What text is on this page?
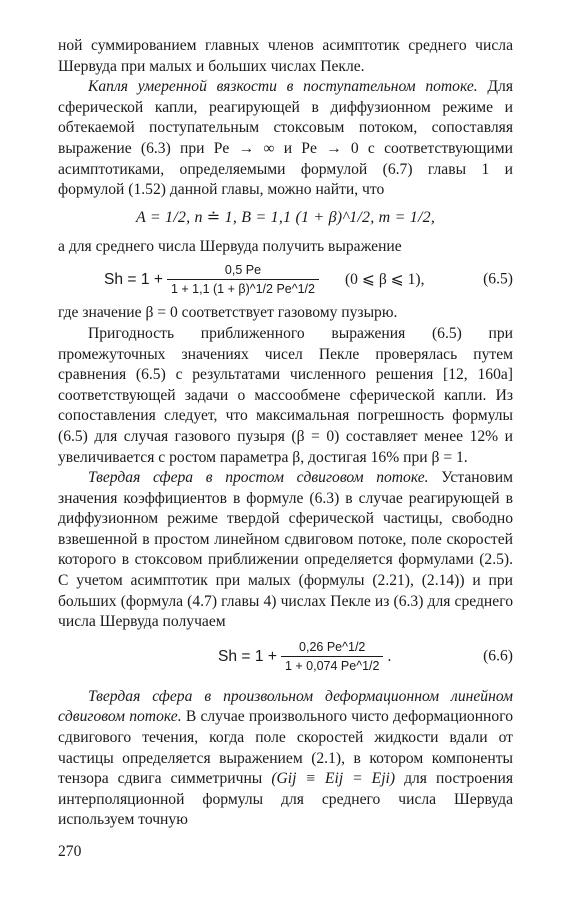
ной суммированием главных членов асимптотик среднего числа Шервуда при малых и больших числах Пекле.

Капля умеренной вязкости в поступательном потоке. Для сферической капли, реагирующей в диффузионном режиме и обтекаемой поступательным стоксовым потоком, сопоставляя выражение (6.3) при Pe → ∞ и Pe → 0 с соответствующими асимптотиками, определяемыми формулой (6.7) главы 1 и формулой (1.52) данной главы, можно найти, что

A = 1/2, n ≐ 1, B = 1,1 (1 + β)^1/2, m = 1/2,

а для среднего числа Шервуда получить выражение

$Sh = 1 + \frac{0,5 Pe}{1 + 1,1 (1 + \beta)\^{}1/2 Pe\^{}1/2} (0$ ⩽ β ⩽ 1),	(6.5)

где значение β = 0 соответствует газовому пузырю.

Пригодность приближенного выражения (6.5) при промежуточных значениях чисел Пекле проверялась путем сравнения (6.5) с результатами численного решения [12, 160а] соответствующей задачи о массообмене сферической капли. Из сопоставления следует, что максимальная погрешность формулы (6.5) для случая газового пузыря (β = 0) составляет менее 12% и увеличивается с ростом параметра β, достигая 16% при β = 1.

Твердая сфера в простом сдвиговом потоке. Установим значения коэффициентов в формуле (6.3) в случае реагирующей в диффузионном режиме твердой сферической частицы, свободно взвешенной в простом линейном сдвиговом потоке, поле скоростей которого в стоксовом приближении определяется формулами (2.5). С учетом асимптотик при малых (формулы (2.21), (2.14)) и при больших (формула (4.7) главы 4) числах Пекле из (6.3) для среднего числа Шервуда получаем

$Sh = 1 + \frac{0,26 Pe\^{}1/2}{1 + 0,074 Pe\^{}1/2}$ .	(6.6)

Твердая сфера в произвольном деформационном линейном сдвиговом потоке. В случае произвольного чисто деформационного сдвигового течения, когда поле скоростей жидкости вдали от частицы определяется выражением (2.1), в котором компоненты тензора сдвига симметричны (Gij ≡ Eij = Eji) для построения интерполяционной формулы для среднего числа Шервуда используем точную

270
